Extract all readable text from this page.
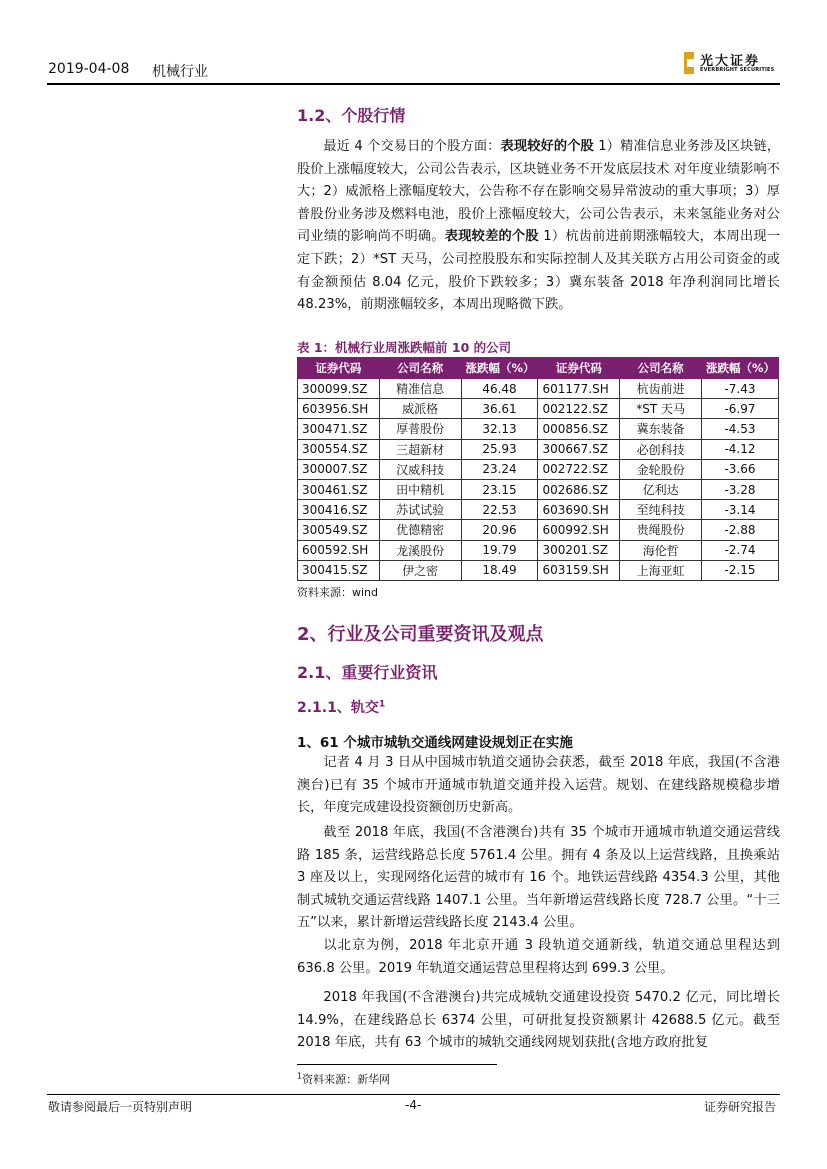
2019-04-08 机械行业
光大证券
EVERBRIGHT SECURITIES
1.2、个股行情
最近 4 个交易日的个股方面：表现较好的个股 1）精准信息业务涉及区块链，股价上涨幅度较大，公司公告表示，区块链业务不开发底层技术 对年度业绩影响不大；2）威派格上涨幅度较大，公告称不存在影响交易异常波动的重大事项；3）厚普股份业务涉及燃料电池，股价上涨幅度较大，公司公告表示，未来氢能业务对公司业绩的影响尚不明确。表现较差的个股 1）杭齿前进前期涨幅较大，本周出现一定下跌；2）*ST 天马，公司控股股东和实际控制人及其关联方占用公司资金的或有金额预估 8.04 亿元，股价下跌较多；3）冀东装备 2018 年净利润同比增长 48.23%，前期涨幅较多，本周出现略微下跌。
表 1：机械行业周涨跌幅前 10 的公司
证券代码	公司名称	涨跌幅（%）	证券代码	公司名称	涨跌幅（%）
300099.SZ	精准信息	46.48	601177.SH	杭齿前进	-7.43
603956.SH	威派格	36.61	002122.SZ	*ST 天马	-6.97
300471.SZ	厚普股份	32.13	000856.SZ	冀东装备	-4.53
300554.SZ	三超新材	25.93	300667.SZ	必创科技	-4.12
300007.SZ	汉威科技	23.24	002722.SZ	金轮股份	-3.66
300461.SZ	田中精机	23.15	002686.SZ	亿利达	-3.28
300416.SZ	苏试试验	22.53	603690.SH	至纯科技	-3.14
300549.SZ	优德精密	20.96	600992.SH	贵绳股份	-2.88
600592.SH	龙溪股份	19.79	300201.SZ	海伦哲	-2.74
300415.SZ	伊之密	18.49	603159.SH	上海亚虹	-2.15
资料来源：wind
2、行业及公司重要资讯及观点
2.1、重要行业资讯
2.1.1、轨交$^1$
1、61 个城市城轨交通线网建设规划正在实施
记者 4 月 3 日从中国城市轨道交通协会获悉，截至 2018 年底，我国(不含港澳台)已有 35 个城市开通城市轨道交通并投入运营。规划、在建线路规模稳步增长，年度完成建设投资额创历史新高。
截至 2018 年底，我国(不含港澳台)共有 35 个城市开通城市轨道交通运营线路 185 条，运营线路总长度 5761.4 公里。拥有 4 条及以上运营线路，且换乘站 3 座及以上，实现网络化运营的城市有 16 个。地铁运营线路 4354.3 公里，其他制式城轨交通运营线路 1407.1 公里。当年新增运营线路长度 728.7 公里。“十三五”以来，累计新增运营线路长度 2143.4 公里。
以北京为例，2018 年北京开通 3 段轨道交通新线，轨道交通总里程达到 636.8 公里。2019 年轨道交通运营总里程将达到 699.3 公里。
2018 年我国(不含港澳台)共完成城轨交通建设投资 5470.2 亿元，同比增长 14.9%，在建线路总长 6374 公里，可研批复投资额累计 42688.5 亿元。截至 2018 年底，共有 63 个城市的城轨交通线网规划获批(含地方政府批复
$^1$资料来源：新华网
敬请参阅最后一页特别声明	-4-	证券研究报告
